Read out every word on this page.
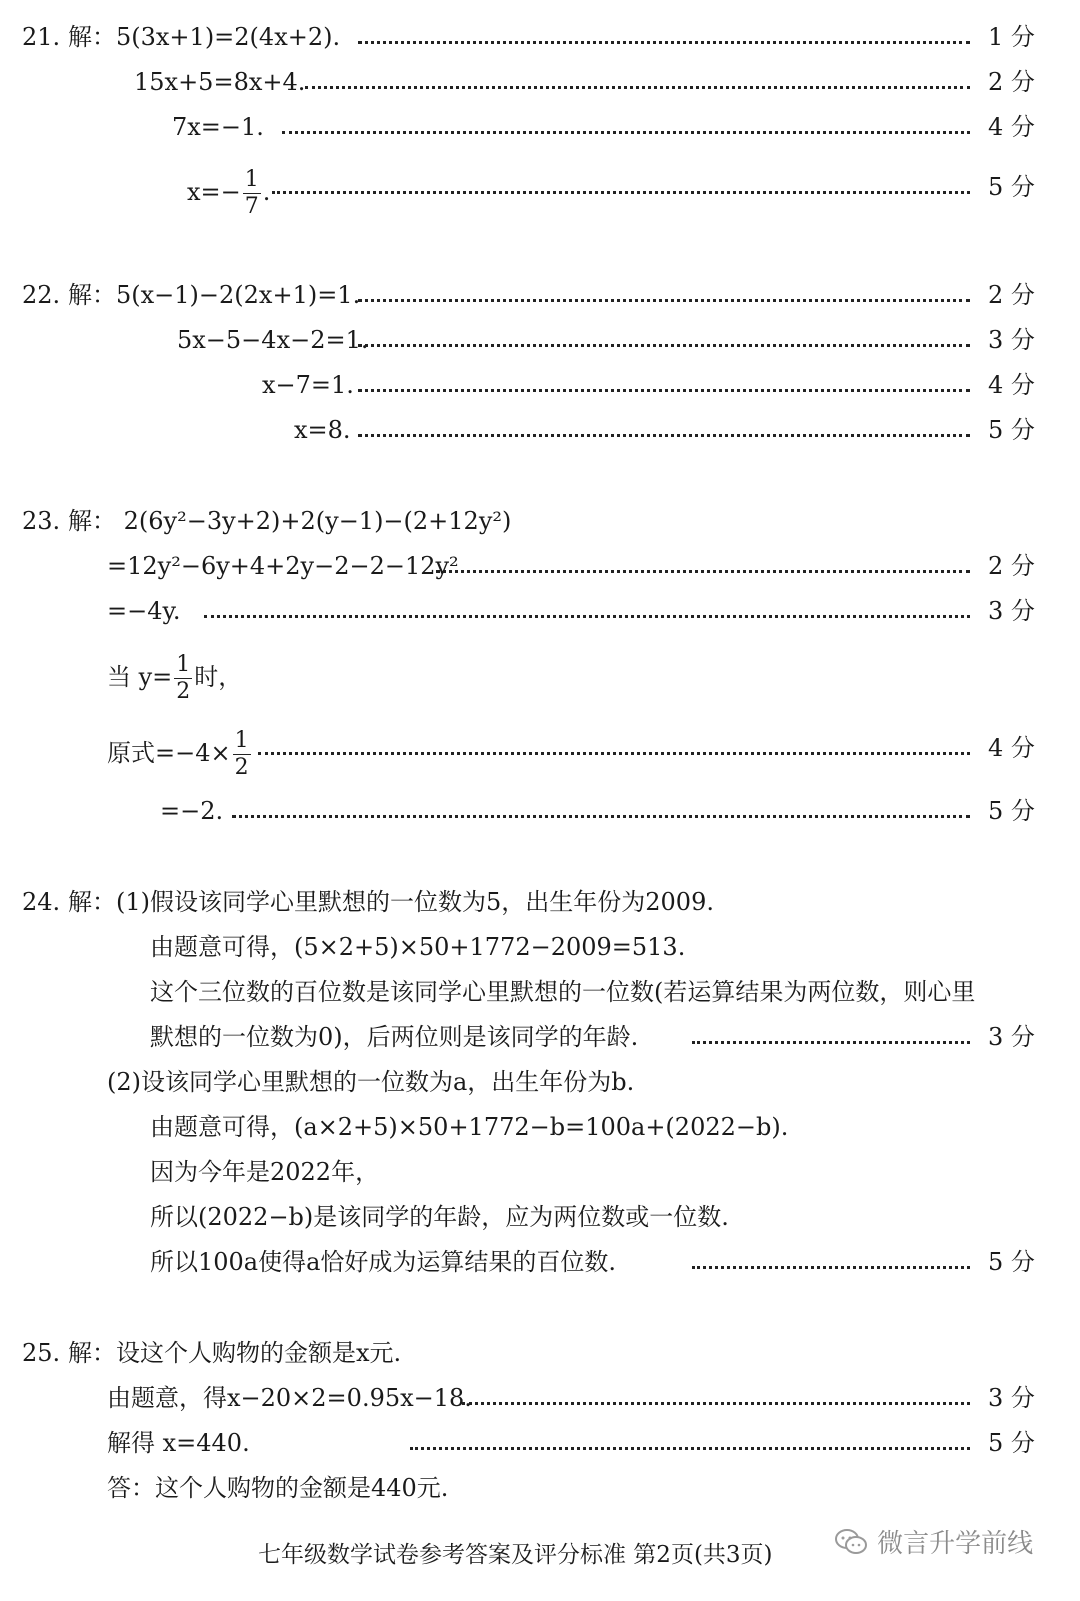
21. 解：5(3x+1)=2(4x+2).	1 分
15x+5=8x+4.	2 分
7x=−1.	4 分
$x=- \frac{1}{7}$ .	5 分
22. 解：5(x−1)−2(2x+1)=1.	2 分
5x−5−4x−2=1.	3 分
x−7=1.	4 分
x=8.	5 分
23. 解： 2(6y²−3y+2)+2(y−1)−(2+12y²)
=12y²−6y+4+2y−2−2−12y²	2 分
=−4y.	3 分
当 $y= \frac{1}{2}$ 时，
原式$=-4\times \frac{1}{2}$	4 分
=−2.	5 分
24. 解：(1)假设该同学心里默想的一位数为5，出生年份为2009.
由题意可得，(5×2+5)×50+1772−2009=513.
这个三位数的百位数是该同学心里默想的一位数(若运算结果为两位数，则心里
默想的一位数为0)，后两位则是该同学的年龄.	3 分
(2)设该同学心里默想的一位数为a，出生年份为b.
由题意可得，(a×2+5)×50+1772−b=100a+(2022−b).
因为今年是2022年，
所以(2022−b)是该同学的年龄，应为两位数或一位数.
所以100a使得a恰好成为运算结果的百位数.	5 分
25. 解：设这个人购物的金额是x元.
由题意，得x−20×2=0.95x−18.	3 分
解得 x=440.	5 分
答：这个人购物的金额是440元.
七年级数学试卷参考答案及评分标准 第2页(共3页)	微言升学前线
